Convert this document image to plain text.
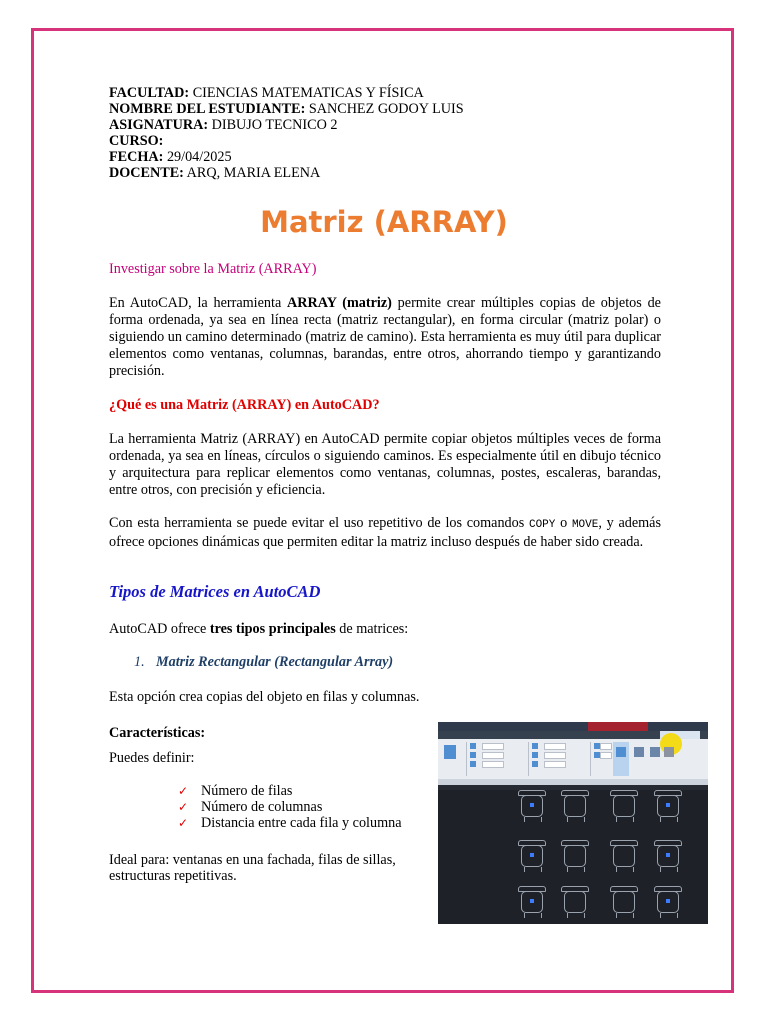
FACULTAD: CIENCIAS MATEMATICAS Y FÍSICA
NOMBRE DEL ESTUDIANTE: SANCHEZ GODOY LUIS
ASIGNATURA: DIBUJO TECNICO 2
CURSO:
FECHA: 29/04/2025
DOCENTE: ARQ, MARIA ELENA
Matriz (ARRAY)
Investigar sobre la Matriz (ARRAY)
En AutoCAD, la herramienta ARRAY (matriz) permite crear múltiples copias de objetos de forma ordenada, ya sea en línea recta (matriz rectangular), en forma circular (matriz polar) o siguiendo un camino determinado (matriz de camino). Esta herramienta es muy útil para duplicar elementos como ventanas, columnas, barandas, entre otros, ahorrando tiempo y garantizando precisión.
¿Qué es una Matriz (ARRAY) en AutoCAD?
La herramienta Matriz (ARRAY) en AutoCAD permite copiar objetos múltiples veces de forma ordenada, ya sea en líneas, círculos o siguiendo caminos. Es especialmente útil en dibujo técnico y arquitectura para replicar elementos como ventanas, columnas, postes, escaleras, barandas, entre otros, con precisión y eficiencia.
Con esta herramienta se puede evitar el uso repetitivo de los comandos COPY o MOVE, y además ofrece opciones dinámicas que permiten editar la matriz incluso después de haber sido creada.
Tipos de Matrices en AutoCAD
AutoCAD ofrece tres tipos principales de matrices:
1. Matriz Rectangular (Rectangular Array)
Esta opción crea copias del objeto en filas y columnas.
Características:
Puedes definir:
✓ Número de filas
✓ Número de columnas
✓ Distancia entre cada fila y columna
Ideal para: ventanas en una fachada, filas de sillas, estructuras repetitivas.
